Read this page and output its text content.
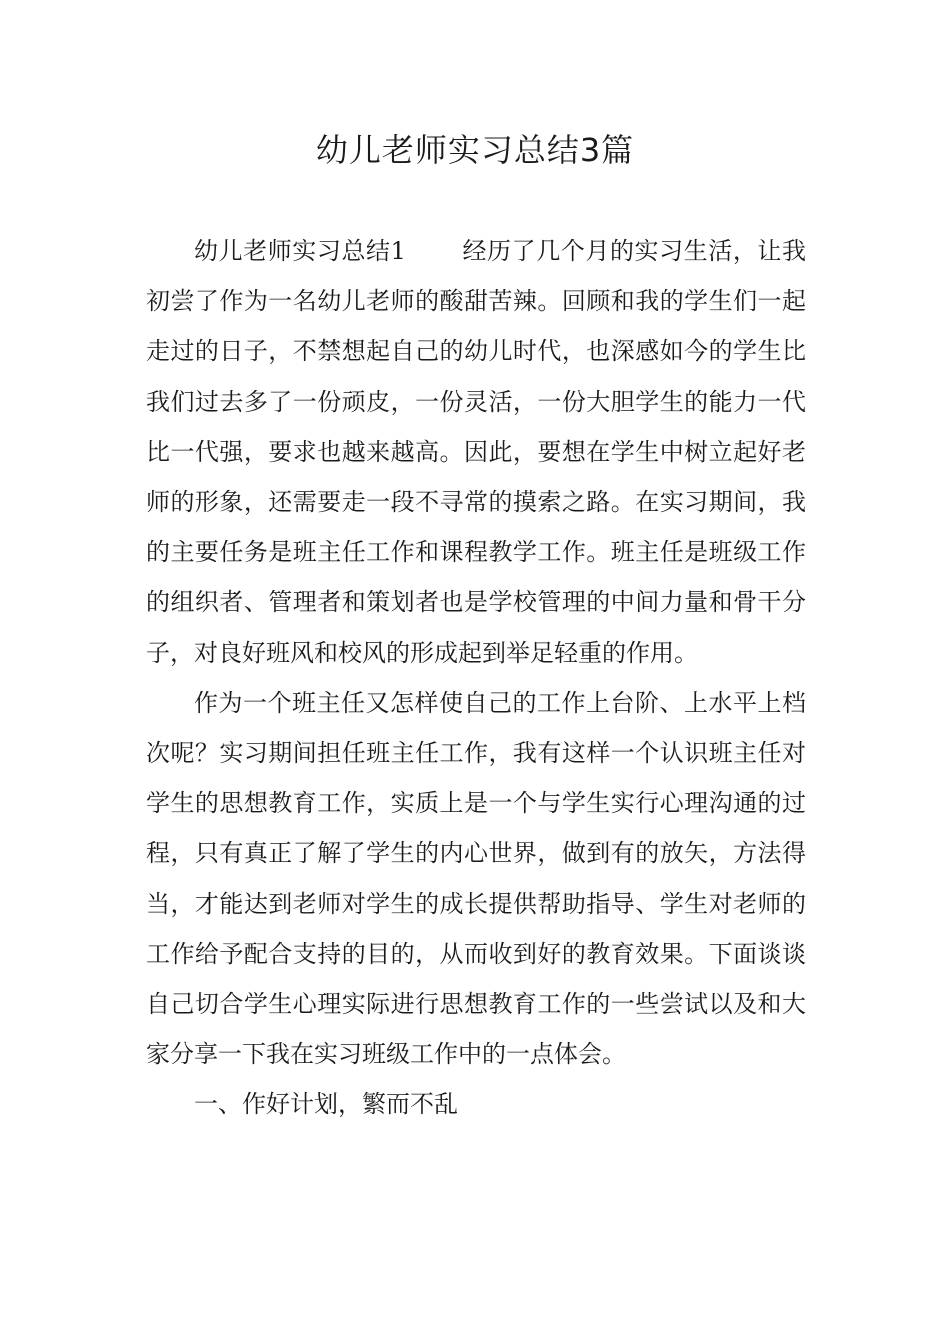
幼儿老师实习总结3篇

幼儿老师实习总结1 经历了几个月的实习生活，让我初尝了作为一名幼儿老师的酸甜苦辣。回顾和我的学生们一起走过的日子，不禁想起自己的幼儿时代，也深感如今的学生比我们过去多了一份顽皮，一份灵活，一份大胆学生的能力一代比一代强，要求也越来越高。因此，要想在学生中树立起好老师的形象，还需要走一段不寻常的摸索之路。在实习期间，我的主要任务是班主任工作和课程教学工作。班主任是班级工作的组织者、管理者和策划者也是学校管理的中间力量和骨干分子，对良好班风和校风的形成起到举足轻重的作用。

作为一个班主任又怎样使自己的工作上台阶、上水平上档次呢？实习期间担任班主任工作，我有这样一个认识班主任对学生的思想教育工作，实质上是一个与学生实行心理沟通的过程，只有真正了解了学生的内心世界，做到有的放矢，方法得当，才能达到老师对学生的成长提供帮助指导、学生对老师的工作给予配合支持的目的，从而收到好的教育效果。下面谈谈自己切合学生心理实际进行思想教育工作的一些尝试以及和大家分享一下我在实习班级工作中的一点体会。

一、作好计划，繁而不乱
